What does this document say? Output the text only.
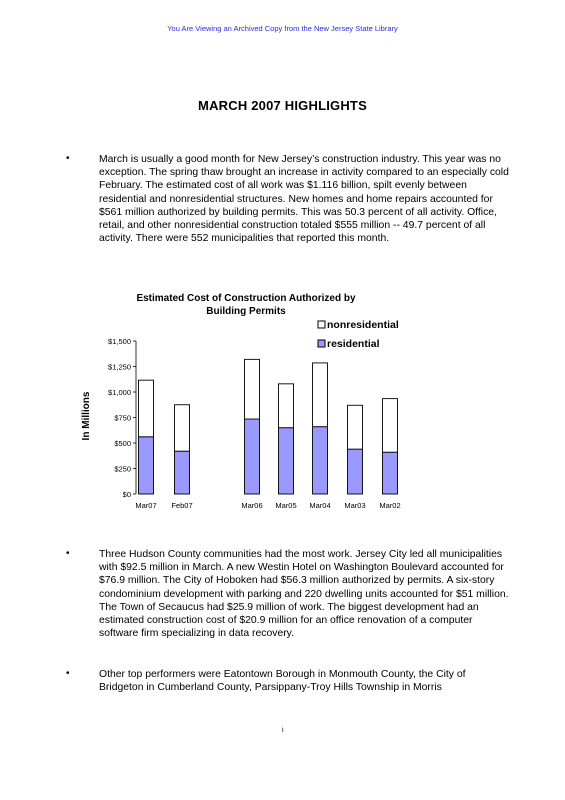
You Are Viewing an Archived Copy from the New Jersey State Library
MARCH 2007 HIGHLIGHTS
•	March is usually a good month for New Jersey’s construction industry. This year was no exception. The spring thaw brought an increase in activity compared to an especially cold February. The estimated cost of all work was $1.116 billion, spilt evenly between residential and nonresidential structures. New homes and home repairs accounted for $561 million authorized by building permits. This was 50.3 percent of all activity. Office, retail, and other nonresidential construction totaled $555 million -- 49.7 percent of all activity. There were 552 municipalities that reported this month.
Estimated Cost of Construction Authorized by
Building Permits
In Millions
$0
$250
$500
$750
$1,000
$1,250
$1,500
Mar07 Feb07	Mar06 Mar05 Mar04 Mar03 Mar02
nonresidential
residential
•	Three Hudson County communities had the most work. Jersey City led all municipalities with $92.5 million in March. A new Westin Hotel on Washington Boulevard accounted for $76.9 million. The City of Hoboken had $56.3 million authorized by permits. A six-story condominium development with parking and 220 dwelling units accounted for $51 million. The Town of Secaucus had $25.9 million of work. The biggest development had an estimated construction cost of $20.9 million for an office renovation of a computer software firm specializing in data recovery.
•	Other top performers were Eatontown Borough in Monmouth County, the City of Bridgeton in Cumberland County, Parsippany-Troy Hills Township in Morris
i
